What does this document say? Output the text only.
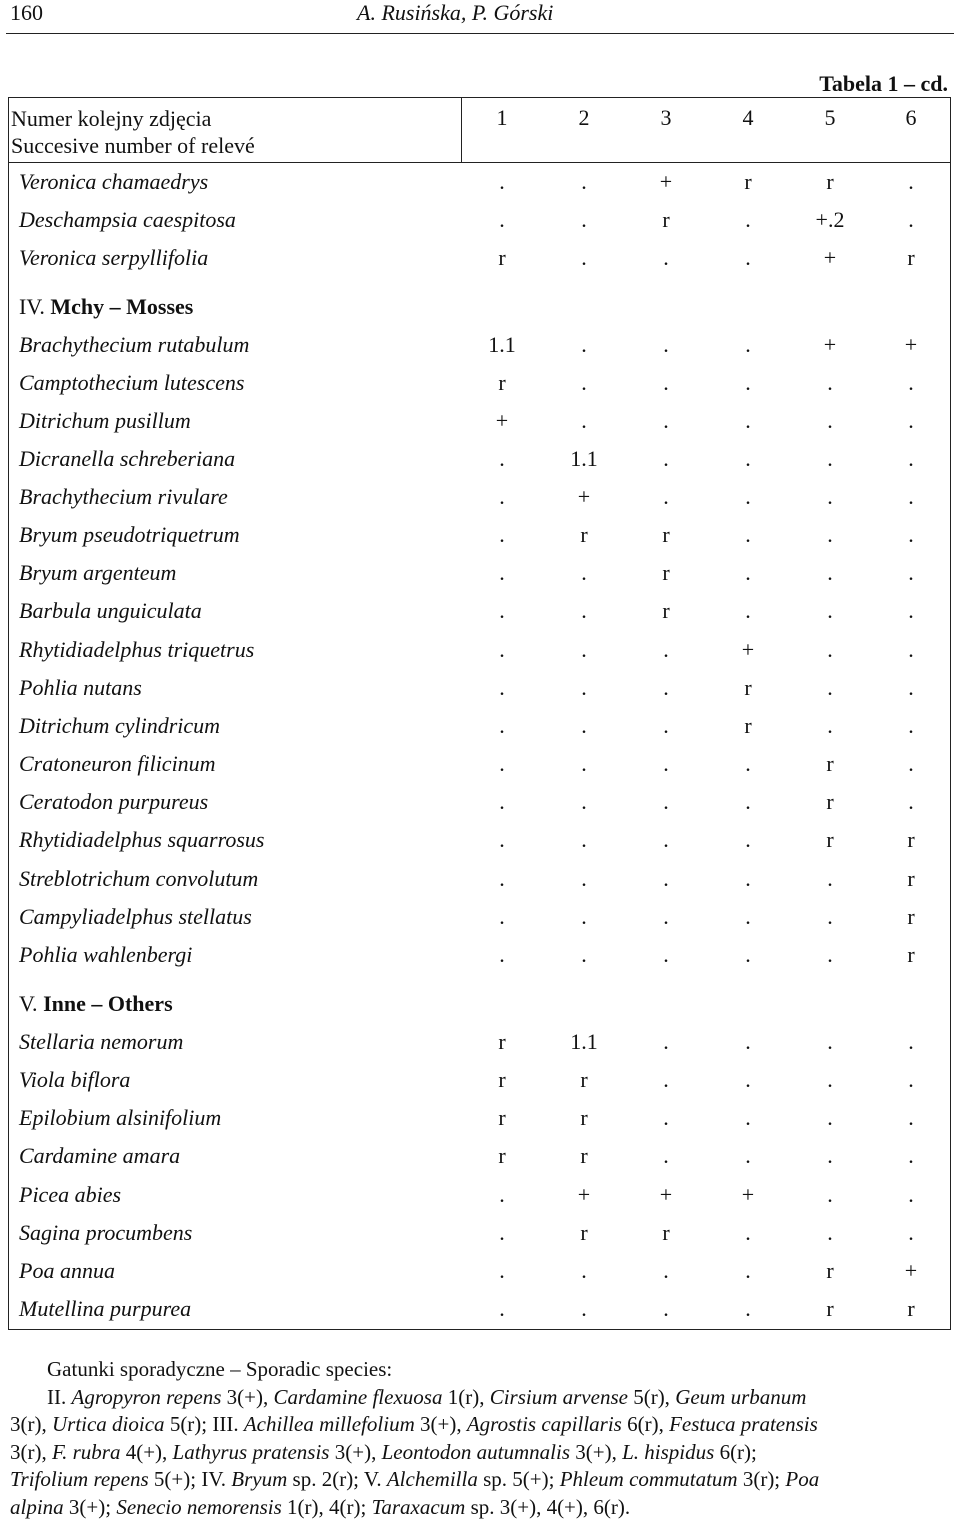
160	A. Rusińska, P. Górski
Tabela 1 – cd.
Numer kolejny zdjęcia
Succesive number of relevé
1	2	3	4	5	6
Veronica chamaedrys	.	.	+	r	r	.
Deschampsia caespitosa	.	.	r	.	+.2	.
Veronica serpyllifolia	r	.	.	.	+	r
IV. Mchy – Mosses
Brachythecium rutabulum	1.1	.	.	.	+	+
Camptothecium lutescens	r	.	.	.	.	.
Ditrichum pusillum	+	.	.	.	.	.
Dicranella schreberiana	.	1.1	.	.	.	.
Brachythecium rivulare	.	+	.	.	.	.
Bryum pseudotriquetrum	.	r	r	.	.	.
Bryum argenteum	.	.	r	.	.	.
Barbula unguiculata	.	.	r	.	.	.
Rhytidiadelphus triquetrus	.	.	.	+	.	.
Pohlia nutans	.	.	.	r	.	.
Ditrichum cylindricum	.	.	.	r	.	.
Cratoneuron filicinum	.	.	.	.	r	.
Ceratodon purpureus	.	.	.	.	r	.
Rhytidiadelphus squarrosus	.	.	.	.	r	r
Streblotrichum convolutum	.	.	.	.	.	r
Campyliadelphus stellatus	.	.	.	.	.	r
Pohlia wahlenbergi	.	.	.	.	.	r
V. Inne – Others
Stellaria nemorum	r	1.1	.	.	.	.
Viola biflora	r	r	.	.	.	.
Epilobium alsinifolium	r	r	.	.	.	.
Cardamine amara	r	r	.	.	.	.
Picea abies	.	+	+	+	.	.
Sagina procumbens	.	r	r	.	.	.
Poa annua	.	.	.	.	r	+
Mutellina purpurea	.	.	.	.	r	r

Gatunki sporadyczne – Sporadic species:

II. Agropyron repens 3(+), Cardamine flexuosa 1(r), Cirsium arvense 5(r), Geum urbanum

3(r), Urtica dioica 5(r); III. Achillea millefolium 3(+), Agrostis capillaris 6(r), Festuca pratensis

3(r), F. rubra 4(+), Lathyrus pratensis 3(+), Leontodon autumnalis 3(+), L. hispidus 6(r);

Trifolium repens 5(+); IV. Bryum sp. 2(r); V. Alchemilla sp. 5(+); Phleum commutatum 3(r); Poa

alpina 3(+); Senecio nemorensis 1(r), 4(r); Taraxacum sp. 3(+), 4(+), 6(r).
